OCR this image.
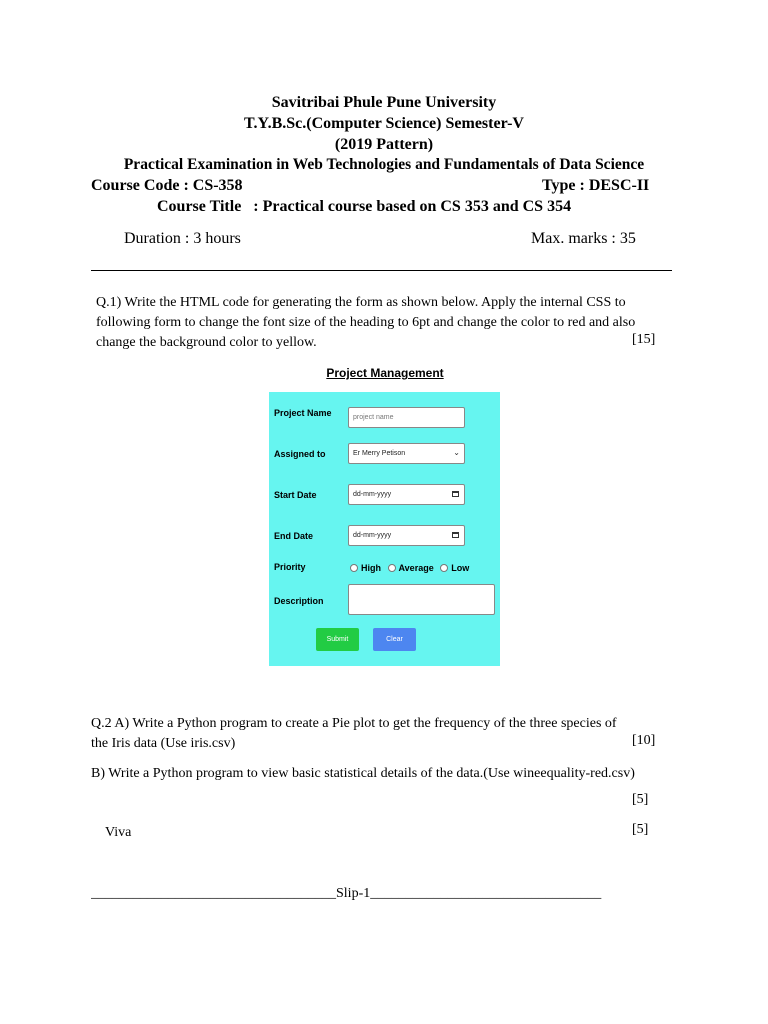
Savitribai Phule Pune University
T.Y.B.Sc.(Computer Science) Semester-V
(2019 Pattern)
Practical Examination in Web Technologies and Fundamentals of Data Science
Course Code : CS-358	Type : DESC-II
Course Title   : Practical course based on CS 353 and CS 354
Duration : 3 hours	Max. marks : 35
Q.1) Write the HTML code for generating the form as shown below. Apply the internal CSS to
following form to change the font size of the heading to 6pt and change the color to red and also
change the background color to yellow.	[15]
Project Management
Project Name	project name
Assigned to	Er Merry Petison	⌄
Start Date	dd-mm-yyyy
End Date	dd-mm-yyyy
Priority	High Average Low
Description
Submit	Clear
Q.2 A) Write a Python program to create a Pie plot to get the frequency of the three species of
the Iris data (Use iris.csv)	[10]
B) Write a Python program to view basic statistical details of the data.(Use wineequality-red.csv)
[5]
Viva	[5]
___________________________________Slip-1_________________________________
